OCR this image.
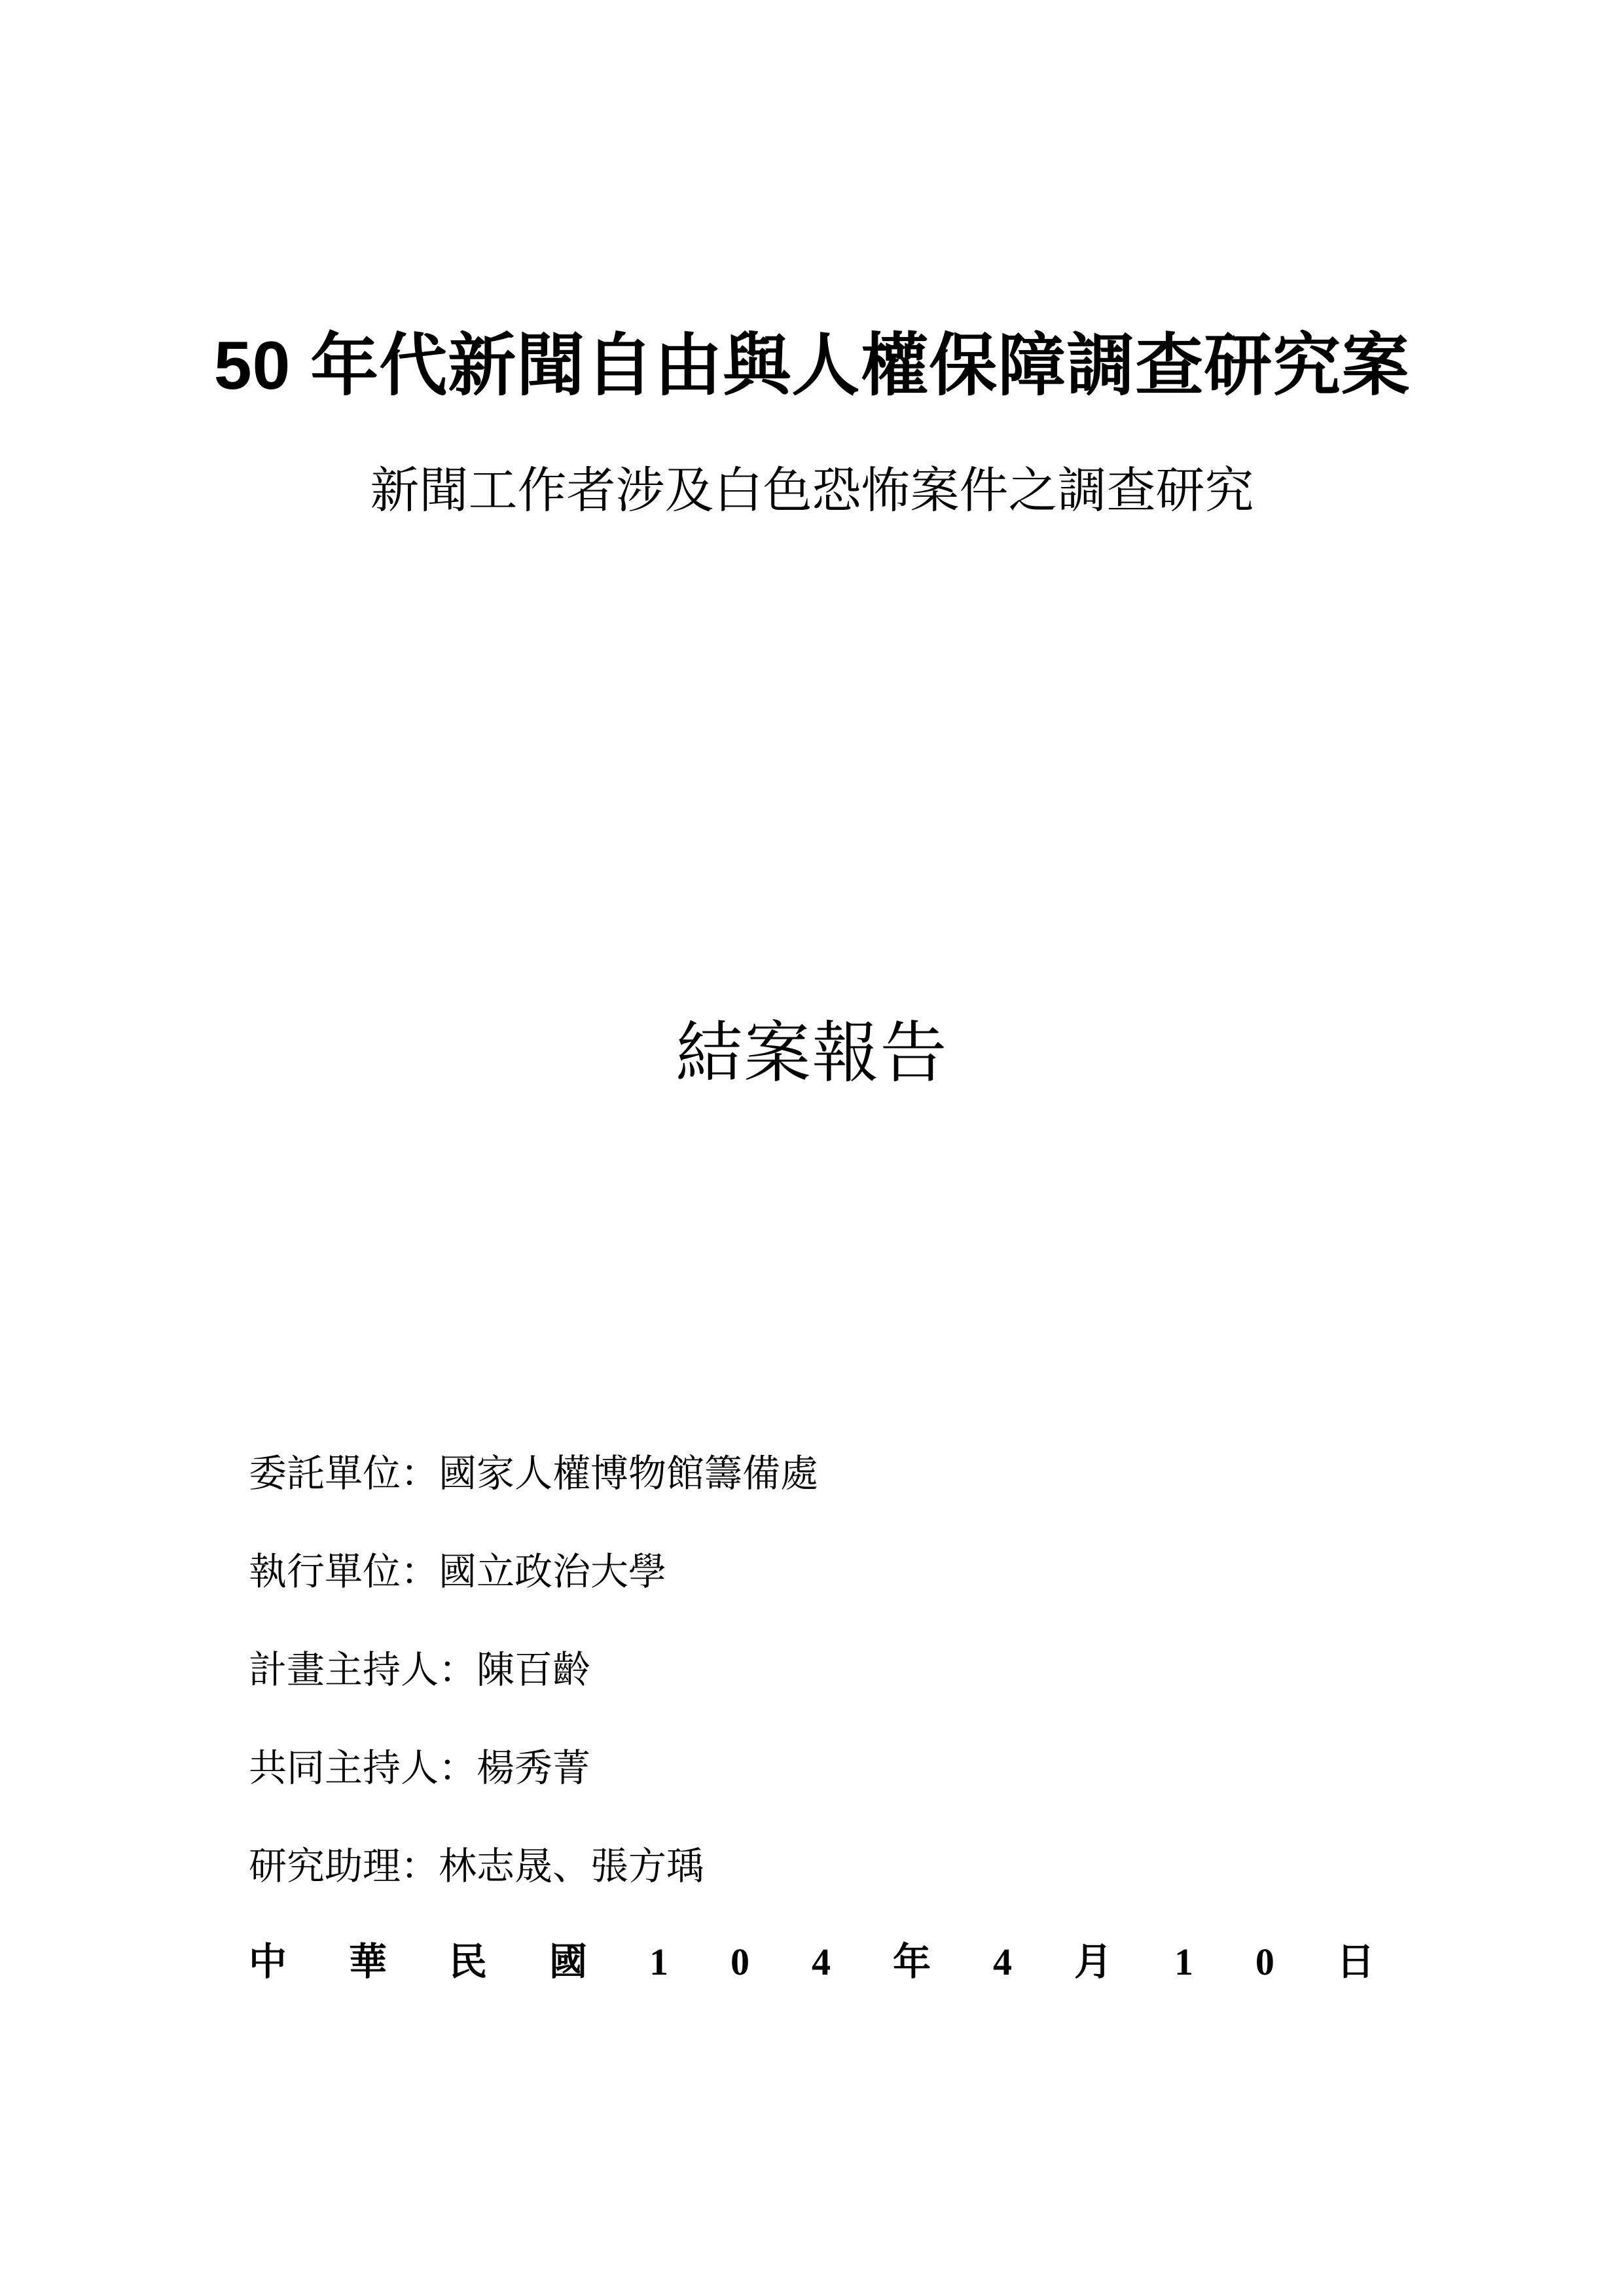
50 年代新聞自由與人權保障調查研究案
新聞工作者涉及白色恐怖案件之調查研究
結案報告
委託單位：國家人權博物館籌備處
執行單位：國立政治大學
計畫主持人：陳百齡
共同主持人：楊秀菁
研究助理：林志晟、張方瑀
中 華 民 國 1 0 4 年 4 月 1 0 日
